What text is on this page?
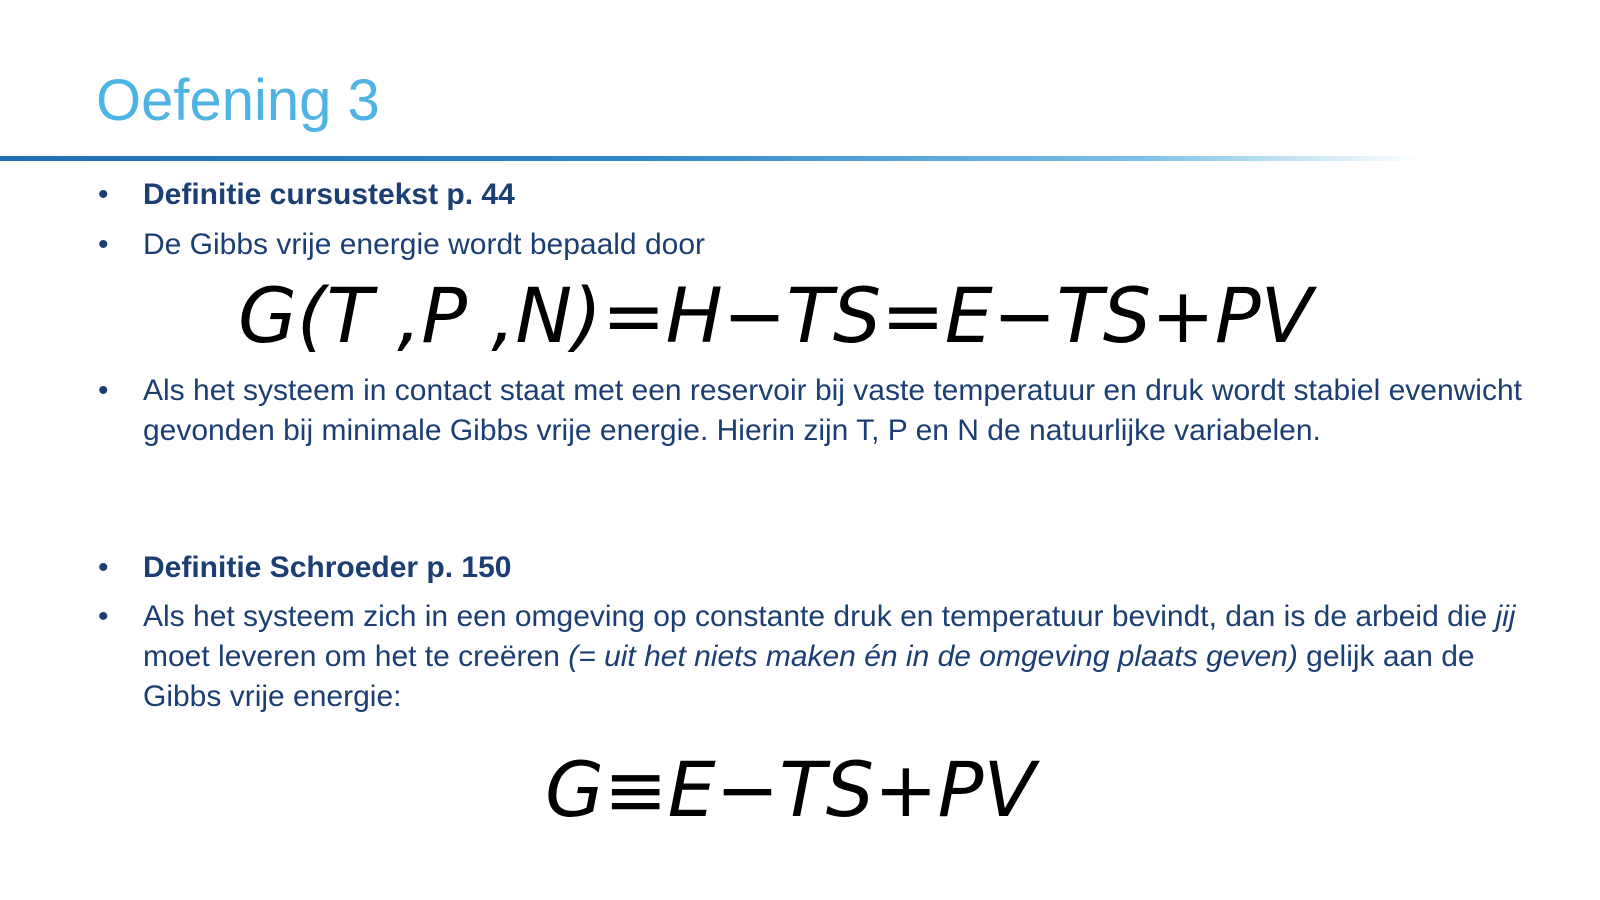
Oefening 3
• Definitie cursustekst p. 44
• De Gibbs vrije energie wordt bepaald door
G(T ,P ,N)=H−TS=E−TS+PV
• Als het systeem in contact staat met een reservoir bij vaste temperatuur en druk wordt stabiel evenwicht gevonden bij minimale Gibbs vrije energie. Hierin zijn T, P en N de natuurlijke variabelen.
• Definitie Schroeder p. 150
• Als het systeem zich in een omgeving op constante druk en temperatuur bevindt, dan is de arbeid die jij moet leveren om het te creëren (= uit het niets maken én in de omgeving plaats geven) gelijk aan de Gibbs vrije energie:
G≡E−TS+PV
